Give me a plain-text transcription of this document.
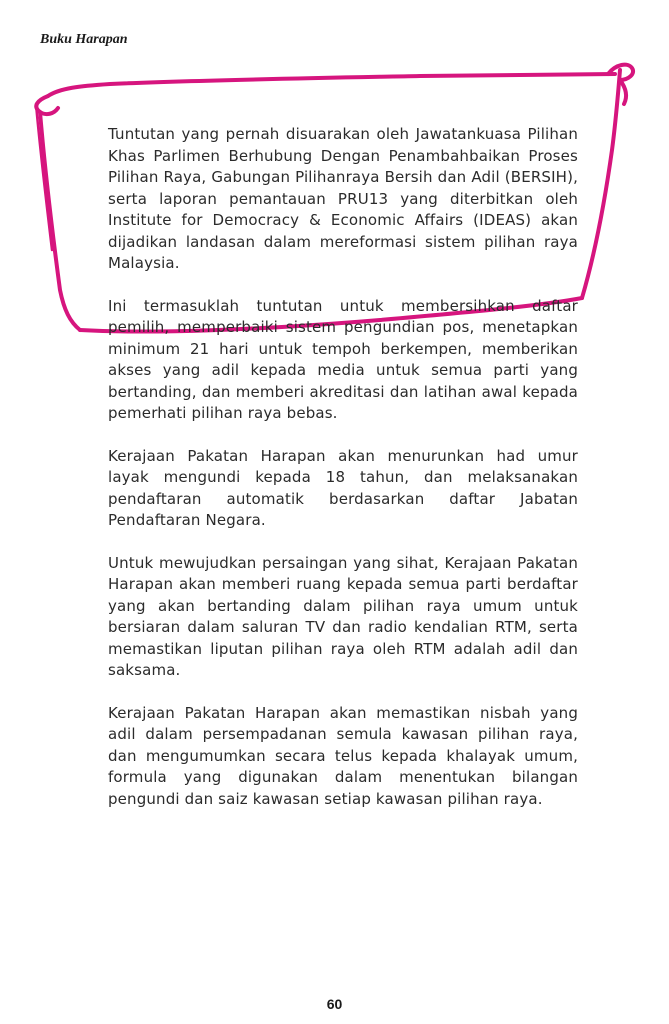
Buku Harapan

Tuntutan yang pernah disuarakan oleh Jawatankuasa Pilihan Khas Parlimen Berhubung Dengan Penambahbaikan Proses Pilihan Raya, Gabungan Pilihanraya Bersih dan Adil (BERSIH), serta laporan pemantauan PRU13 yang diterbitkan oleh Institute for Democracy & Economic Affairs (IDEAS) akan dijadikan landasan dalam mereformasi sistem pilihan raya Malaysia.

Ini termasuklah tuntutan untuk membersihkan daftar pemilih, memperbaiki sistem pengundian pos, menetapkan minimum 21 hari untuk tempoh berkempen, memberikan akses yang adil kepada media untuk semua parti yang bertanding, dan memberi akreditasi dan latihan awal kepada pemerhati pilihan raya bebas.

Kerajaan Pakatan Harapan akan menurunkan had umur layak mengundi kepada 18 tahun, dan melaksanakan pendaftaran automatik berdasarkan daftar Jabatan Pendaftaran Negara.

Untuk mewujudkan persaingan yang sihat, Kerajaan Pakatan Harapan akan memberi ruang kepada semua parti berdaftar yang akan bertanding dalam pilihan raya umum untuk bersiaran dalam saluran TV dan radio kendalian RTM, serta memastikan liputan pilihan raya oleh RTM adalah adil dan saksama.

Kerajaan Pakatan Harapan akan memastikan nisbah yang adil dalam persempadanan semula kawasan pilihan raya, dan mengumumkan secara telus kepada khalayak umum, formula yang digunakan dalam menentukan bilangan pengundi dan saiz kawasan setiap kawasan pilihan raya.

60
